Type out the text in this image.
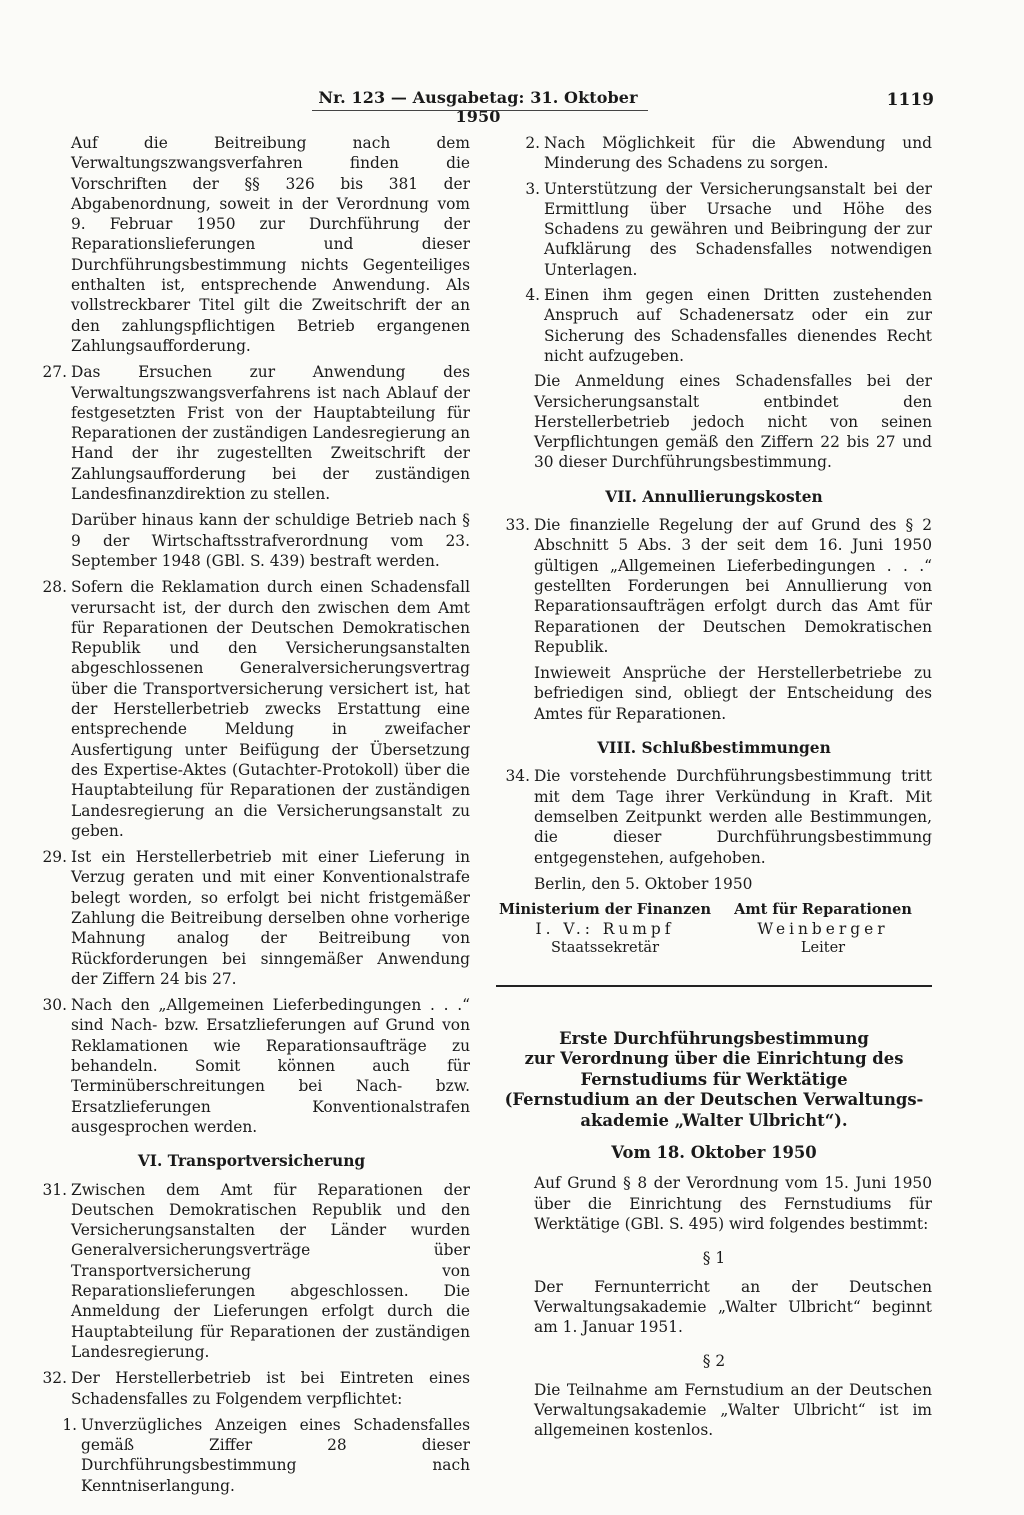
Nr. 123 — Ausgabetag: 31. Oktober 1950
1119

Auf die Beitreibung nach dem Verwaltungszwangsverfahren finden die Vorschriften der §§ 326 bis 381 der Abgabenordnung, soweit in der Verordnung vom 9. Februar 1950 zur Durchführung der Reparationslieferungen und dieser Durchführungsbestimmung nichts Gegenteiliges enthalten ist, entsprechende Anwendung. Als vollstreckbarer Titel gilt die Zweitschrift der an den zahlungspflichtigen Betrieb ergangenen Zahlungsaufforderung.

27. Das Ersuchen zur Anwendung des Verwaltungszwangsverfahrens ist nach Ablauf der festgesetzten Frist von der Hauptabteilung für Reparationen der zuständigen Landesregierung an Hand der ihr zugestellten Zweitschrift der Zahlungsaufforderung bei der zuständigen Landesfinanzdirektion zu stellen.

Darüber hinaus kann der schuldige Betrieb nach § 9 der Wirtschaftsstrafverordnung vom 23. September 1948 (GBl. S. 439) bestraft werden.

28. Sofern die Reklamation durch einen Schadensfall verursacht ist, der durch den zwischen dem Amt für Reparationen der Deutschen Demokratischen Republik und den Versicherungsanstalten abgeschlossenen Generalversicherungsvertrag über die Transportversicherung versichert ist, hat der Herstellerbetrieb zwecks Erstattung eine entsprechende Meldung in zweifacher Ausfertigung unter Beifügung der Übersetzung des Expertise-Aktes (Gutachter-Protokoll) über die Hauptabteilung für Reparationen der zuständigen Landesregierung an die Versicherungsanstalt zu geben.
29. Ist ein Herstellerbetrieb mit einer Lieferung in Verzug geraten und mit einer Konventionalstrafe belegt worden, so erfolgt bei nicht fristgemäßer Zahlung die Beitreibung derselben ohne vorherige Mahnung analog der Beitreibung von Rückforderungen bei sinngemäßer Anwendung der Ziffern 24 bis 27.
30. Nach den „Allgemeinen Lieferbedingungen . . .“ sind Nach- bzw. Ersatzlieferungen auf Grund von Reklamationen wie Reparationsaufträge zu behandeln. Somit können auch für Terminüberschreitungen bei Nach- bzw. Ersatzlieferungen Konventionalstrafen ausgesprochen werden.
VI. Transportversicherung
31. Zwischen dem Amt für Reparationen der Deutschen Demokratischen Republik und den Versicherungsanstalten der Länder wurden Generalversicherungsverträge über Transportversicherung von Reparationslieferungen abgeschlossen. Die Anmeldung der Lieferungen erfolgt durch die Hauptabteilung für Reparationen der zuständigen Landesregierung.
32. Der Herstellerbetrieb ist bei Eintreten eines Schadensfalles zu Folgendem verpflichtet:
1. Unverzügliches Anzeigen eines Schadensfalles gemäß Ziffer 28 dieser Durchführungsbestimmung nach Kenntniserlangung.
2. Nach Möglichkeit für die Abwendung und Minderung des Schadens zu sorgen.
3. Unterstützung der Versicherungsanstalt bei der Ermittlung über Ursache und Höhe des Schadens zu gewähren und Beibringung der zur Aufklärung des Schadensfalles notwendigen Unterlagen.
4. Einen ihm gegen einen Dritten zustehenden Anspruch auf Schadenersatz oder ein zur Sicherung des Schadensfalles dienendes Recht nicht aufzugeben.

Die Anmeldung eines Schadensfalles bei der Versicherungsanstalt entbindet den Herstellerbetrieb jedoch nicht von seinen Verpflichtungen gemäß den Ziffern 22 bis 27 und 30 dieser Durchführungsbestimmung.

VII. Annullierungskosten
33. Die finanzielle Regelung der auf Grund des § 2 Abschnitt 5 Abs. 3 der seit dem 16. Juni 1950 gültigen „Allgemeinen Lieferbedingungen . . .“ gestellten Forderungen bei Annullierung von Reparationsaufträgen erfolgt durch das Amt für Reparationen der Deutschen Demokratischen Republik.

Inwieweit Ansprüche der Herstellerbetriebe zu befriedigen sind, obliegt der Entscheidung des Amtes für Reparationen.

VIII. Schlußbestimmungen
34. Die vorstehende Durchführungsbestimmung tritt mit dem Tage ihrer Verkündung in Kraft. Mit demselben Zeitpunkt werden alle Bestimmungen, die dieser Durchführungsbestimmung entgegenstehen, aufgehoben.

Berlin, den 5. Oktober 1950

Ministerium der Finanzen
I. V.: Rumpf
Staatssekretär
Amt für Reparationen
Weinberger
Leiter
Erste Durchführungsbestimmung
zur Verordnung über die Einrichtung des
Fernstudiums für Werktätige
(Fernstudium an der Deutschen Verwaltungs-
akademie „Walter Ulbricht“).
Vom 18. Oktober 1950

Auf Grund § 8 der Verordnung vom 15. Juni 1950 über die Einrichtung des Fernstudiums für Werktätige (GBl. S. 495) wird folgendes bestimmt:

§ 1

Der Fernunterricht an der Deutschen Verwaltungsakademie „Walter Ulbricht“ beginnt am 1. Januar 1951.

§ 2

Die Teilnahme am Fernstudium an der Deutschen Verwaltungsakademie „Walter Ulbricht“ ist im allgemeinen kostenlos.
